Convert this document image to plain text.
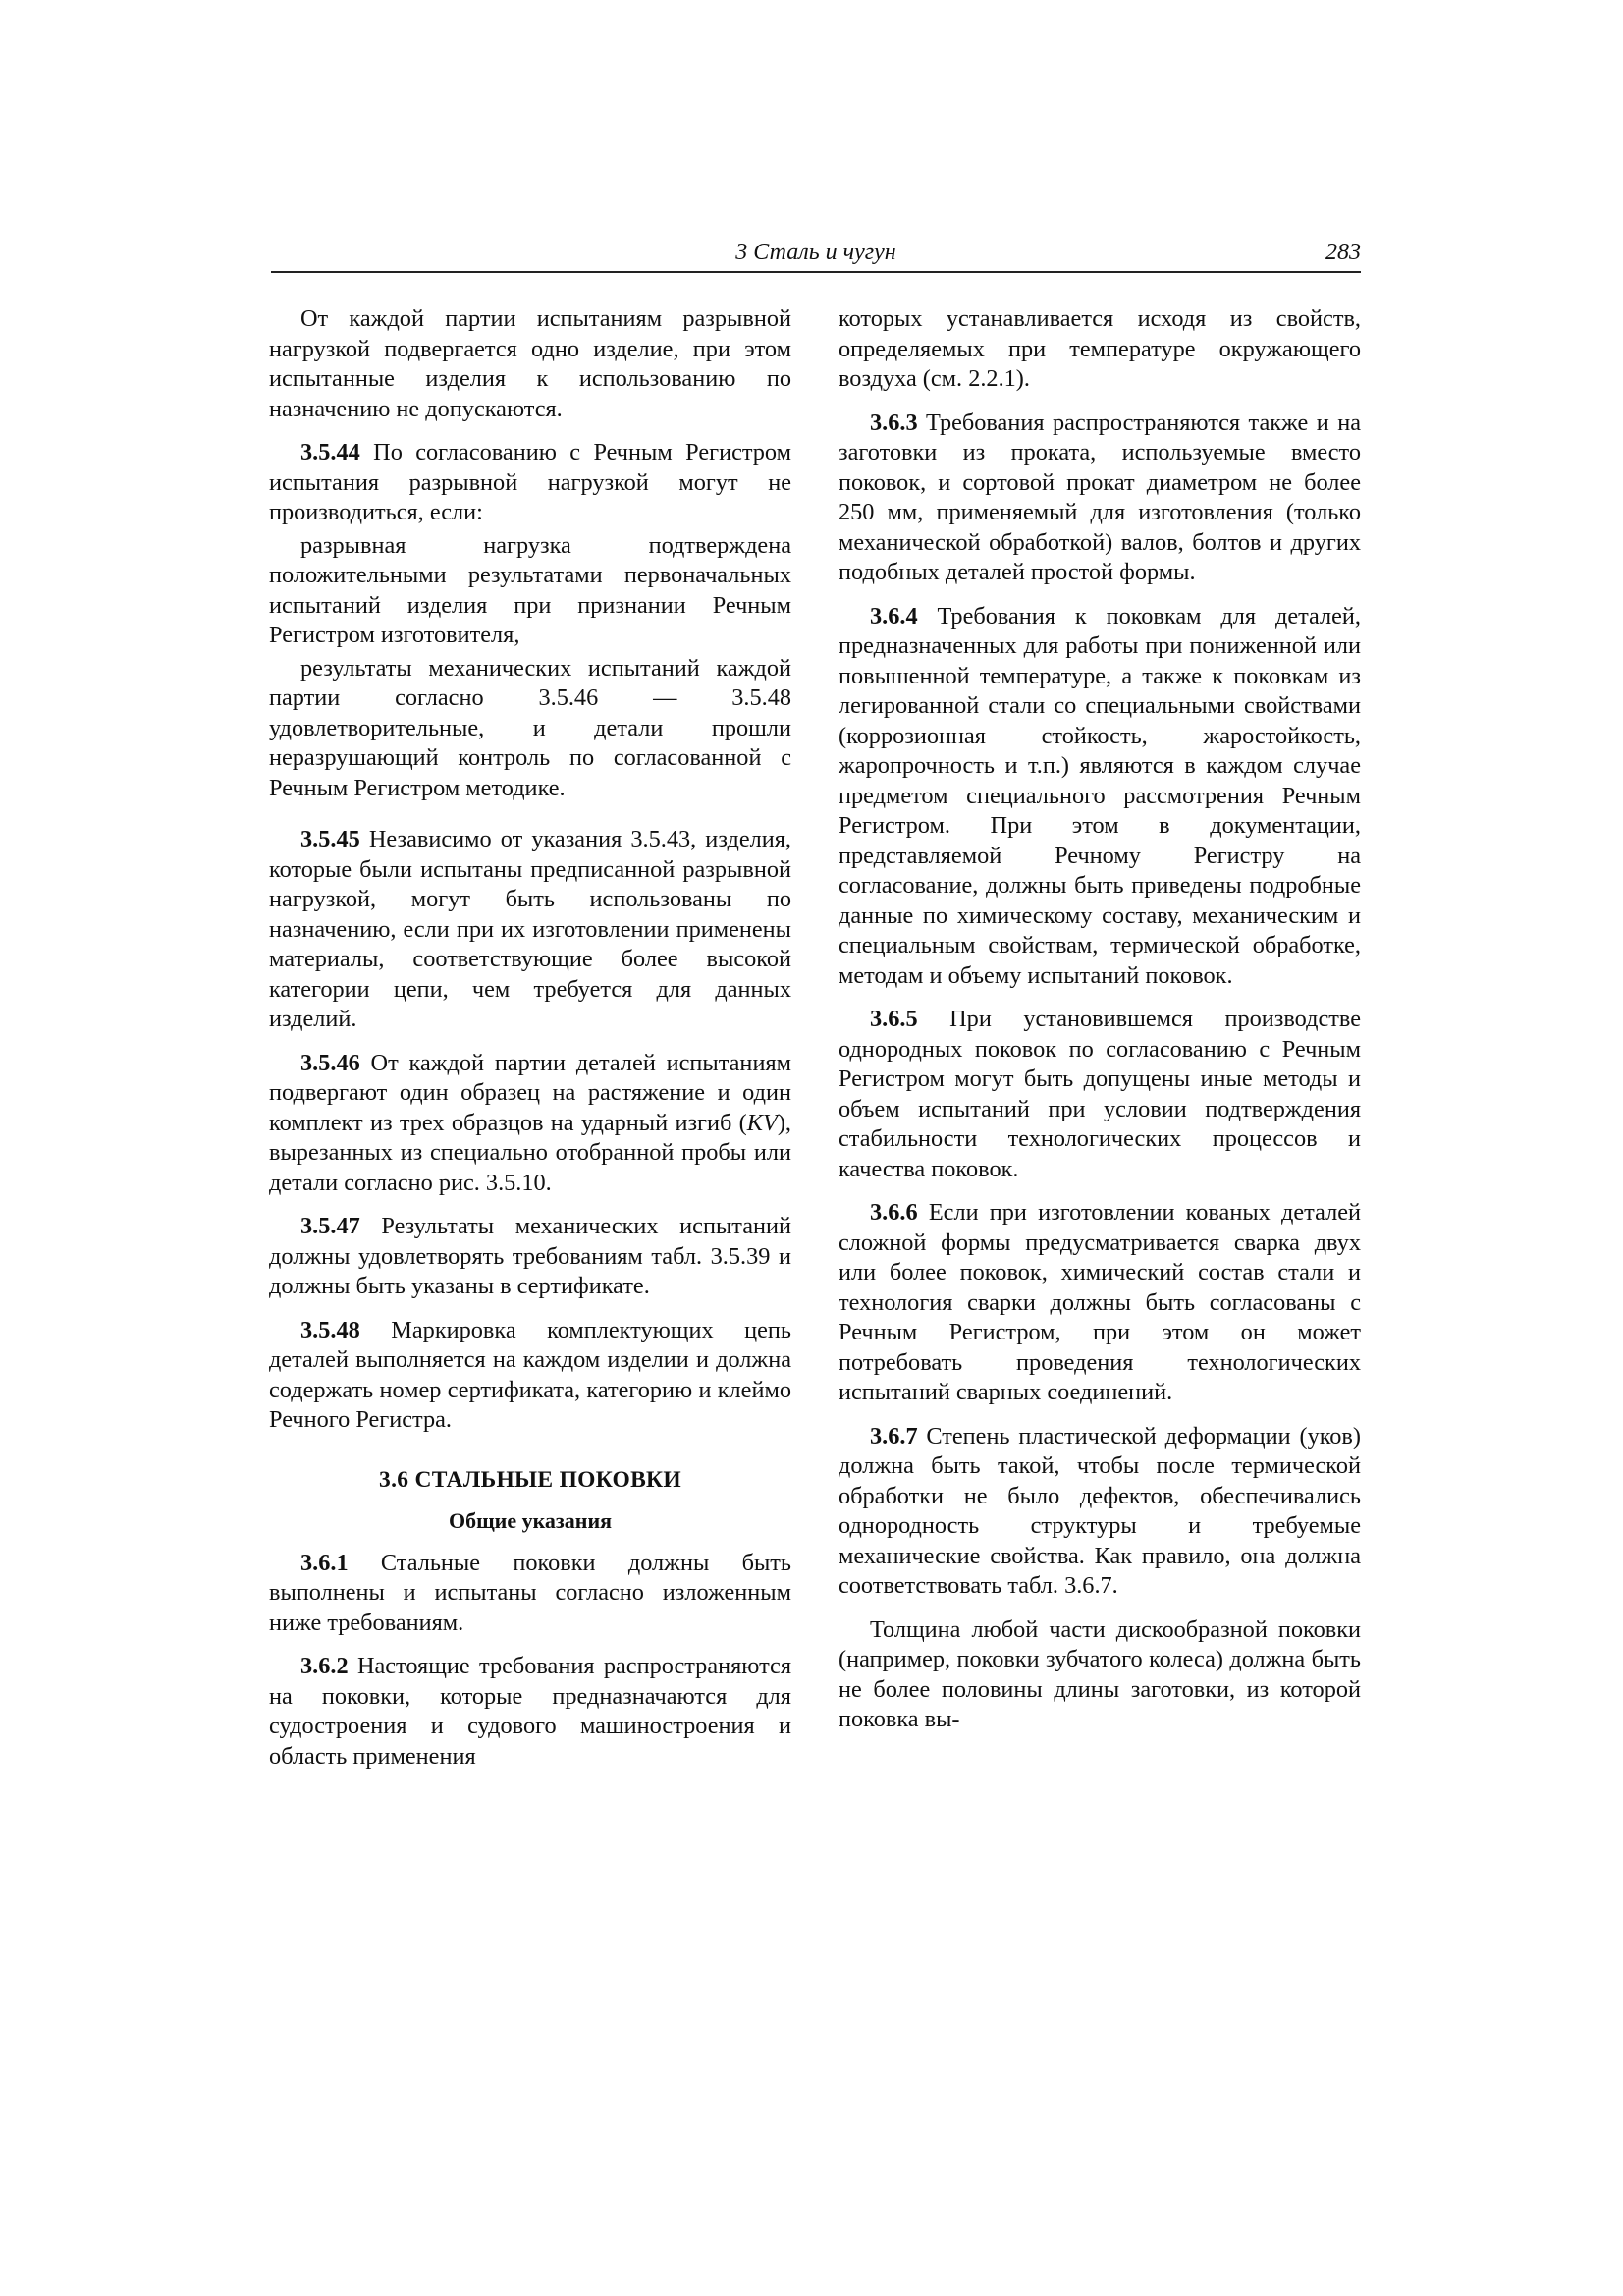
3 Сталь и чугун	283

От каждой партии испытаниям разрывной нагрузкой подвергается одно изделие, при этом испытанные изделия к использованию по назначению не допускаются.

3.5.44 По согласованию с Речным Регистром испытания разрывной нагрузкой могут не производиться, если:

разрывная нагрузка подтверждена положительными результатами первоначальных испытаний изделия при признании Речным Регистром изготовителя,

результаты механических испытаний каждой партии согласно 3.5.46 — 3.5.48 удовлетворительные, и детали прошли неразрушающий контроль по согласованной с Речным Регистром методике.

3.5.45 Независимо от указания 3.5.43, изделия, которые были испытаны предписанной разрывной нагрузкой, могут быть использованы по назначению, если при их изготовлении применены материалы, соответствующие более высокой категории цепи, чем требуется для данных изделий.

3.5.46 От каждой партии деталей испытаниям подвергают один образец на растяжение и один комплект из трех образцов на ударный изгиб (KV), вырезанных из специально отобранной пробы или детали согласно рис. 3.5.10.

3.5.47 Результаты механических испытаний должны удовлетворять требованиям табл. 3.5.39 и должны быть указаны в сертификате.

3.5.48 Маркировка комплектующих цепь деталей выполняется на каждом изделии и должна содержать номер сертификата, категорию и клеймо Речного Регистра.

3.6 СТАЛЬНЫЕ ПОКОВКИ
Общие указания

3.6.1 Стальные поковки должны быть выполнены и испытаны согласно изложенным ниже требованиям.

3.6.2 Настоящие требования распространяются на поковки, которые предназначаются для судостроения и судового машиностроения и область применения

которых устанавливается исходя из свойств, определяемых при температуре окружающего воздуха (см. 2.2.1).

3.6.3 Требования распространяются также и на заготовки из проката, используемые вместо поковок, и сортовой прокат диаметром не более 250 мм, применяемый для изготовления (только механической обработкой) валов, болтов и других подобных деталей простой формы.

3.6.4 Требования к поковкам для деталей, предназначенных для работы при пониженной или повышенной температуре, а также к поковкам из легированной стали со специальными свойствами (коррозионная стойкость, жаростойкость, жаропрочность и т.п.) являются в каждом случае предметом специального рассмотрения Речным Регистром. При этом в документации, представляемой Речному Регистру на согласование, должны быть приведены подробные данные по химическому составу, механическим и специальным свойствам, термической обработке, методам и объему испытаний поковок.

3.6.5 При установившемся производстве однородных поковок по согласованию с Речным Регистром могут быть допущены иные методы и объем испытаний при условии подтверждения стабильности технологических процессов и качества поковок.

3.6.6 Если при изготовлении кованых деталей сложной формы предусматривается сварка двух или более поковок, химический состав стали и технология сварки должны быть согласованы с Речным Регистром, при этом он может потребовать проведения технологических испытаний сварных соединений.

3.6.7 Степень пластической деформации (уков) должна быть такой, чтобы после термической обработки не было дефектов, обеспечивались однородность структуры и требуемые механические свойства. Как правило, она должна соответствовать табл. 3.6.7.

Толщина любой части дискообразной поковки (например, поковки зубчатого колеса) должна быть не более половины длины заготовки, из которой поковка вы-
